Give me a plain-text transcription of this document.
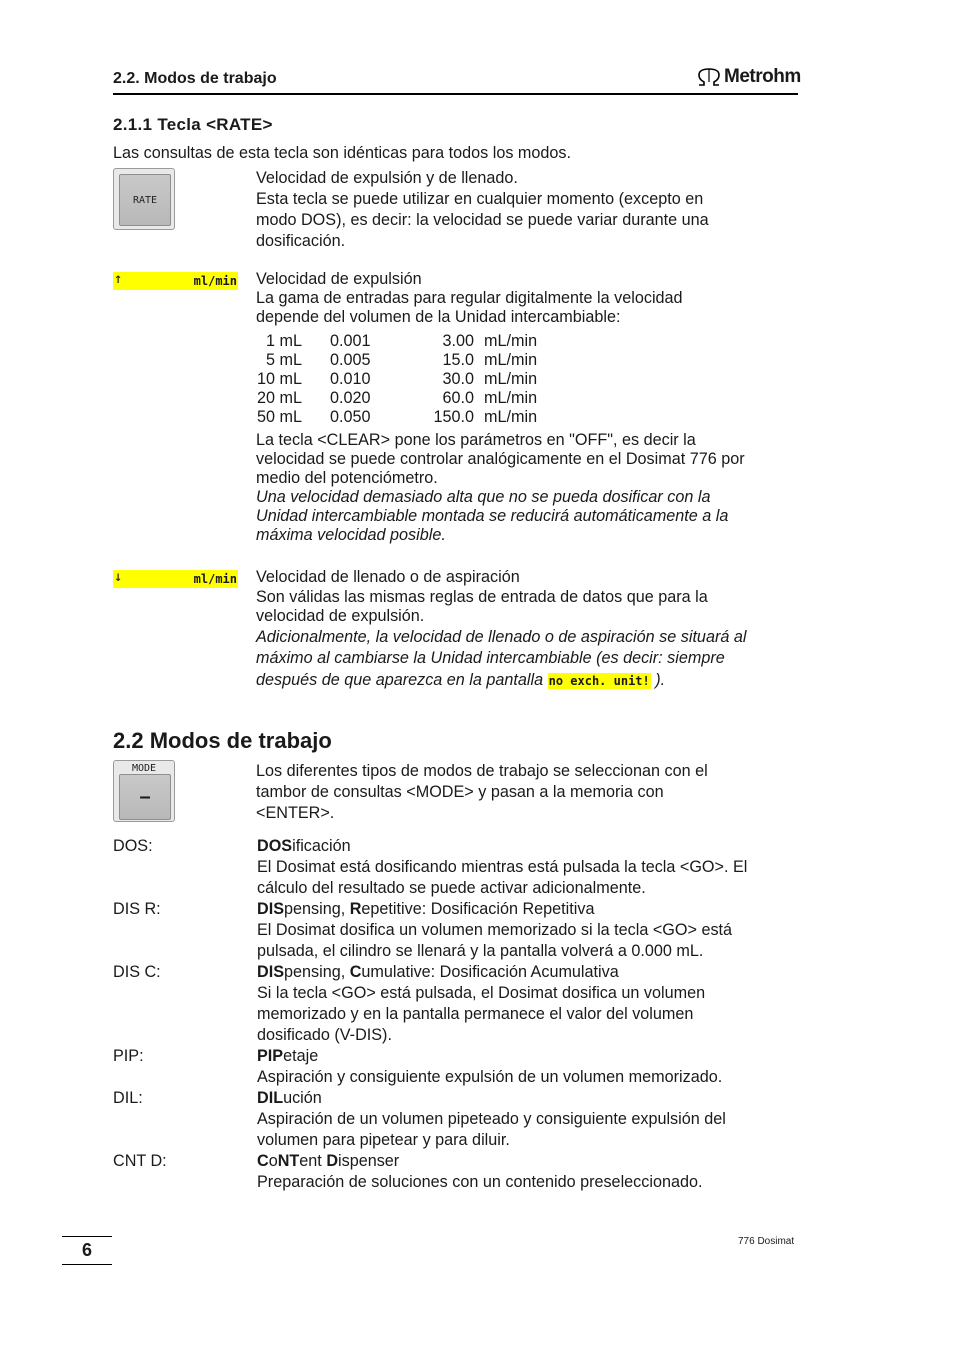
2.2. Modos de trabajo	Metrohm
2.1.1 Tecla <RATE>
Las consultas de esta tecla son idénticas para todos los modos.
RATE
Velocidad de expulsión y de llenado.
Esta tecla se puede utilizar en cualquier momento (excepto en
modo DOS), es decir: la velocidad se puede variar durante una
dosificación.
↑	ml/min Velocidad de expulsión
La gama de entradas para regular digitalmente la velocidad
depende del volumen de la Unidad intercambiable:
1 mL	0.001	3.00	mL/min
5 mL	0.005	15.0	mL/min
10 mL	0.010	30.0	mL/min
20 mL	0.020	60.0	mL/min
50 mL	0.050	150.0	mL/min
La tecla <CLEAR> pone los parámetros en "OFF", es decir la
velocidad se puede controlar analógicamente en el Dosimat 776 por
medio del potenciómetro.
Una velocidad demasiado alta que no se pueda dosificar con la
Unidad intercambiable montada se reducirá automáticamente a la
máxima velocidad posible.
↓	ml/min Velocidad de llenado o de aspiración
Son válidas las mismas reglas de entrada de datos que para la
velocidad de expulsión.
Adicionalmente, la velocidad de llenado o de aspiración se situará al
máximo al cambiarse la Unidad intercambiable (es decir: siempre
después de que aparezca en la pantalla no exch. unit! ).
2.2 Modos de trabajo
MODE
–
Los diferentes tipos de modos de trabajo se seleccionan con el
tambor de consultas <MODE> y pasan a la memoria con
<ENTER>.
DOS:	DOSificación
El Dosimat está dosificando mientras está pulsada la tecla <GO>. El
cálculo del resultado se puede activar adicionalmente.
DIS R:	DISpensing, Repetitive: Dosificación Repetitiva
El Dosimat dosifica un volumen memorizado si la tecla <GO> está
pulsada, el cilindro se llenará y la pantalla volverá a 0.000 mL.
DIS C:	DISpensing, Cumulative: Dosificación Acumulativa
Si la tecla <GO> está pulsada, el Dosimat dosifica un volumen
memorizado y en la pantalla permanece el valor del volumen
dosificado (V-DIS).
PIP:	PIPetaje
Aspiración y consiguiente expulsión de un volumen memorizado.
DIL:	DILución
Aspiración de un volumen pipeteado y consiguiente expulsión del
volumen para pipetear y para diluir.
CNT D:	CoNTent Dispenser
Preparación de soluciones con un contenido preseleccionado.
6	776 Dosimat
